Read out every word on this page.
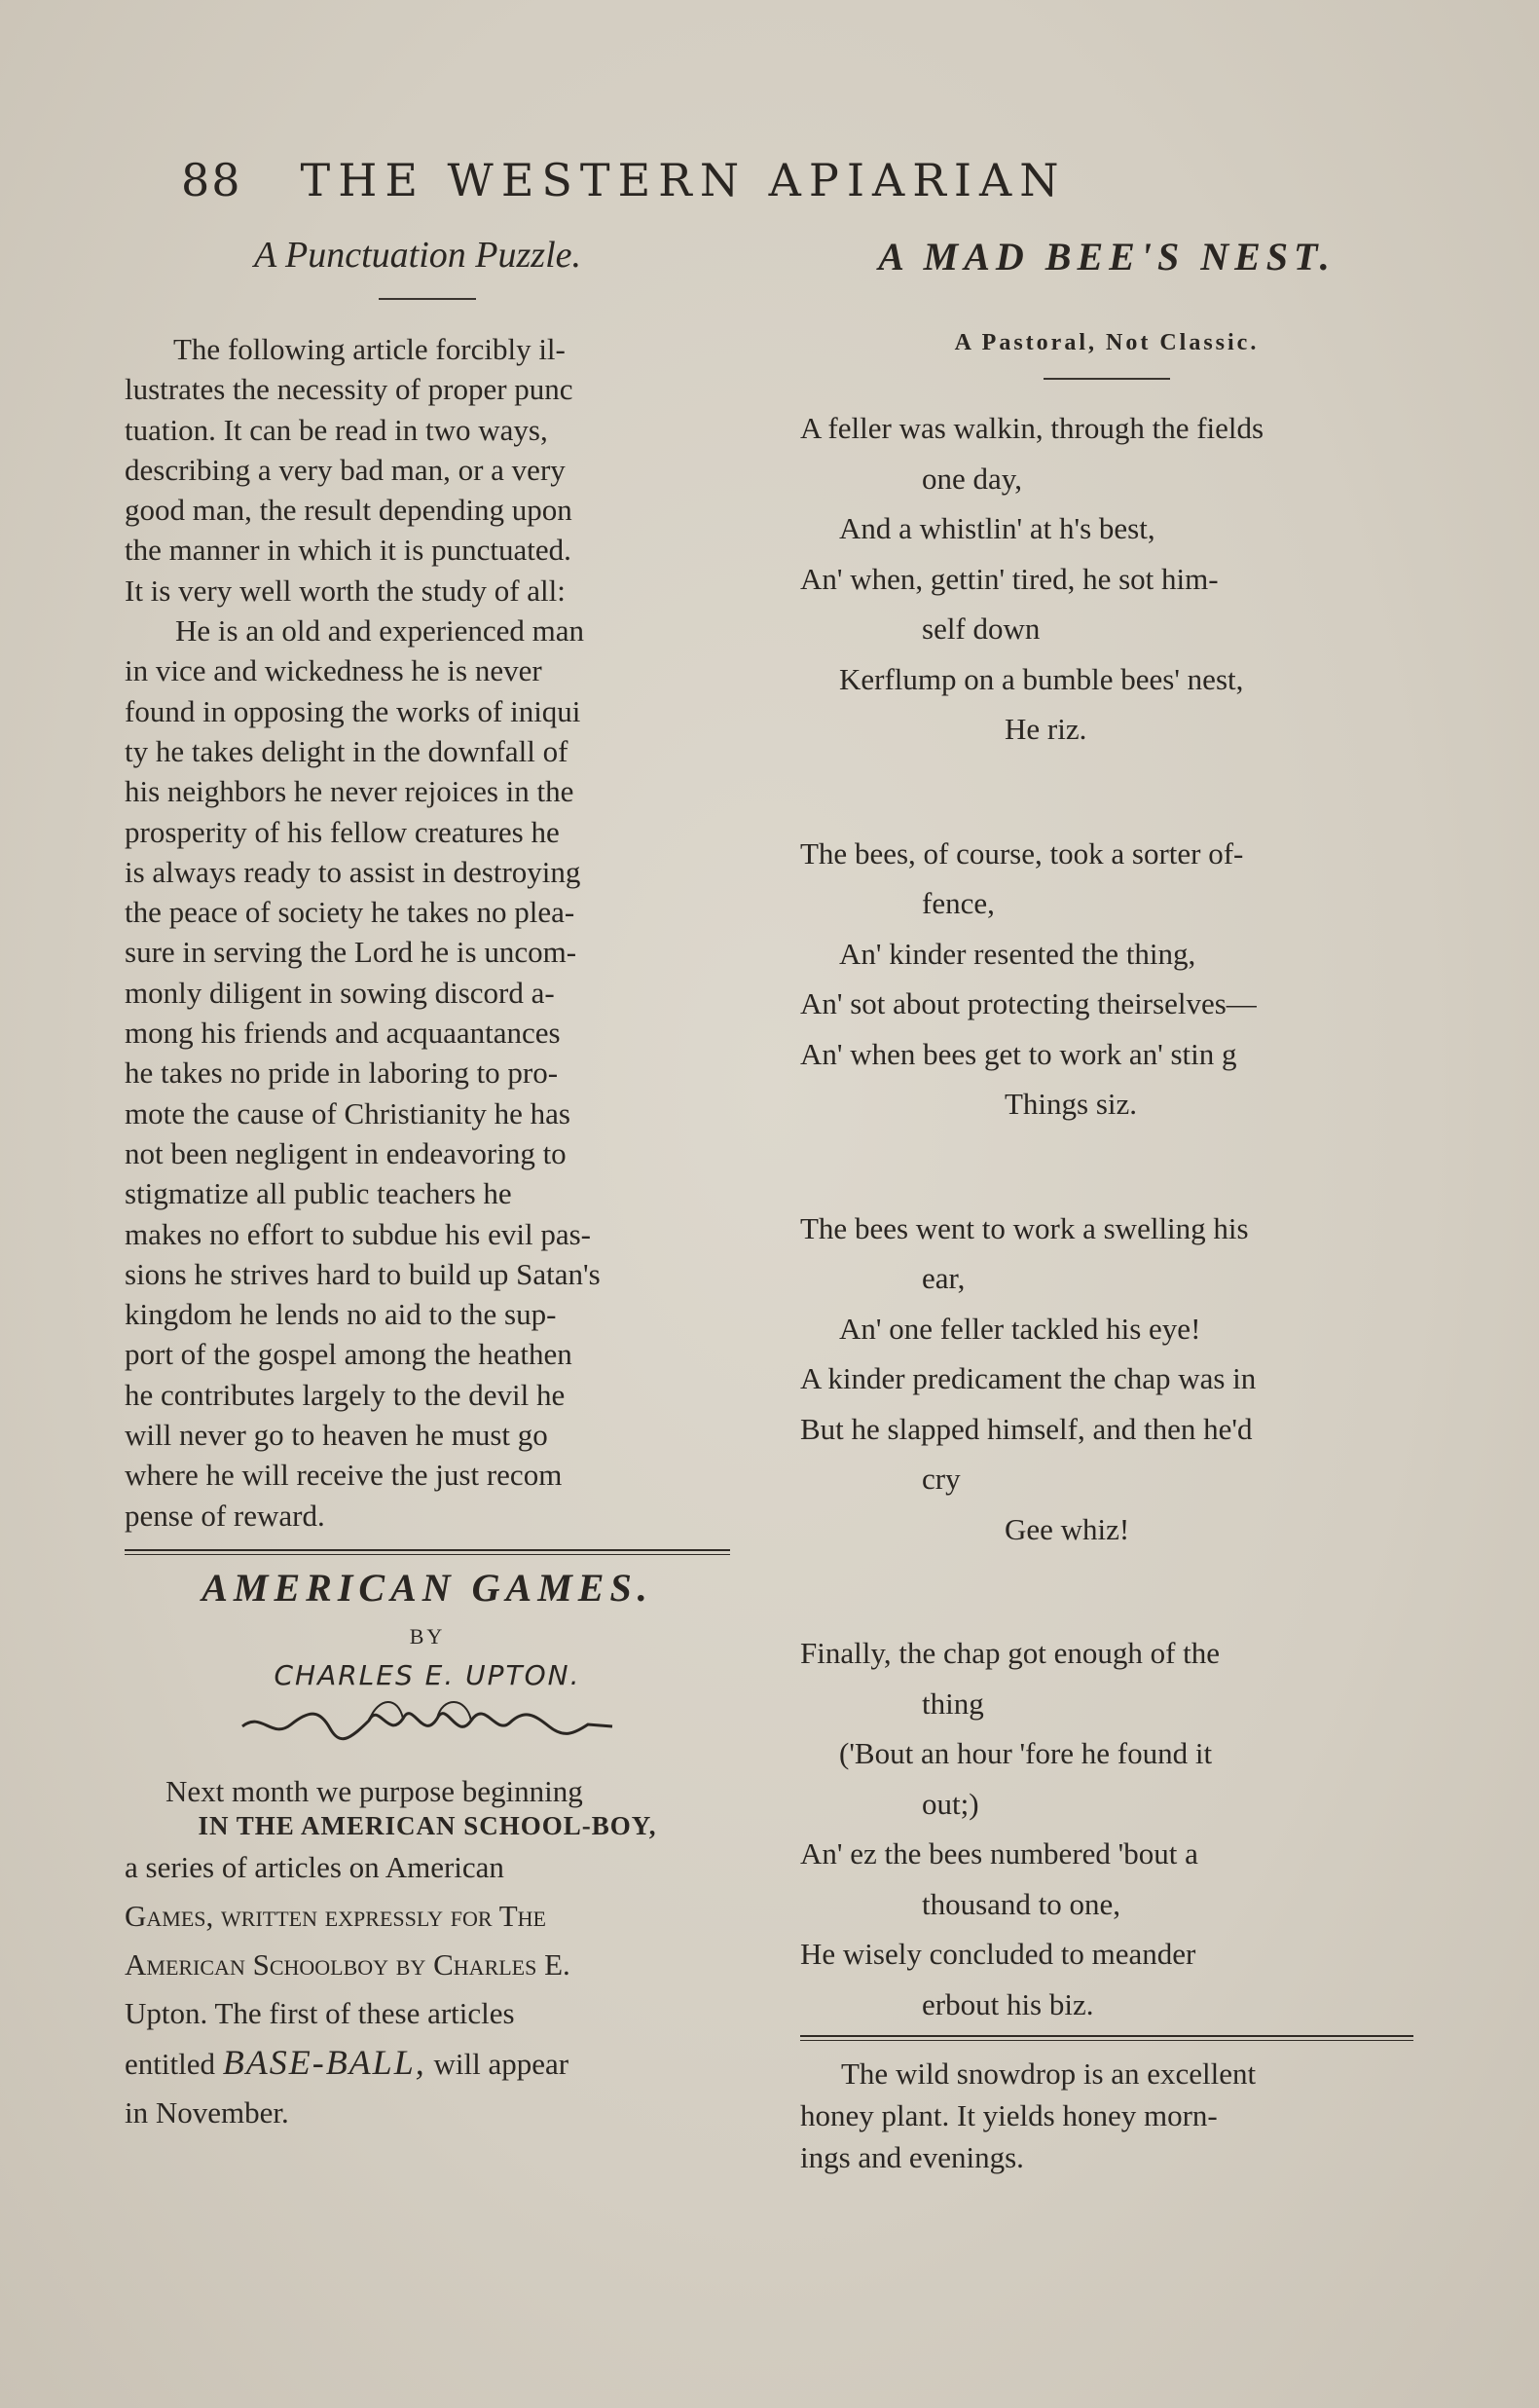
88 THE WESTERN APIARIAN

A Punctuation Puzzle.

The following article forcibly il-

lustrates the necessity of proper punc

tuation. It can be read in two ways,

describing a very bad man, or a very

good man, the result depending upon

the manner in which it is punctuated.

It is very well worth the study of all:

He is an old and experienced man

in vice and wickedness he is never

found in opposing the works of iniqui

ty he takes delight in the downfall of

his neighbors he never rejoices in the

prosperity of his fellow creatures he

is always ready to assist in destroying

the peace of society he takes no plea-

sure in serving the Lord he is uncom-

monly diligent in sowing discord a-

mong his friends and acquaantances

he takes no pride in laboring to pro-

mote the cause of Christianity he has

not been negligent in endeavoring to

stigmatize all public teachers he

makes no effort to subdue his evil pas-

sions he strives hard to build up Satan's

kingdom he lends no aid to the sup-

port of the gospel among the heathen

he contributes largely to the devil he

will never go to heaven he must go

where he will receive the just recom

pense of reward.

AMERICAN GAMES.

BY

CHARLES E. UPTON.

Next month we purpose beginning

IN THE AMERICAN SCHOOL-BOY,

a series of articles on American

Games, written expressly for The

American Schoolboy by Charles E.

Upton. The first of these articles

entitled BASE-BALL, will appear

in November.

A MAD BEE'S NEST.

A Pastoral, Not Classic.

A feller was walkin, through the fields
one day,
And a whistlin' at h's best,
An' when, gettin' tired, he sot him-
self down
Kerflump on a bumble bees' nest,
He riz.
The bees, of course, took a sorter of-
fence,
An' kinder resented the thing,
An' sot about protecting theirselves—
An' when bees get to work an' stin g
Things siz.
The bees went to work a swelling his
ear,
An' one feller tackled his eye!
A kinder predicament the chap was in
But he slapped himself, and then he'd
cry
Gee whiz!
Finally, the chap got enough of the
thing
('Bout an hour 'fore he found it
out;)
An' ez the bees numbered 'bout a
thousand to one,
He wisely concluded to meander
erbout his biz.

The wild snowdrop is an excellent

honey plant. It yields honey morn-

ings and evenings.
